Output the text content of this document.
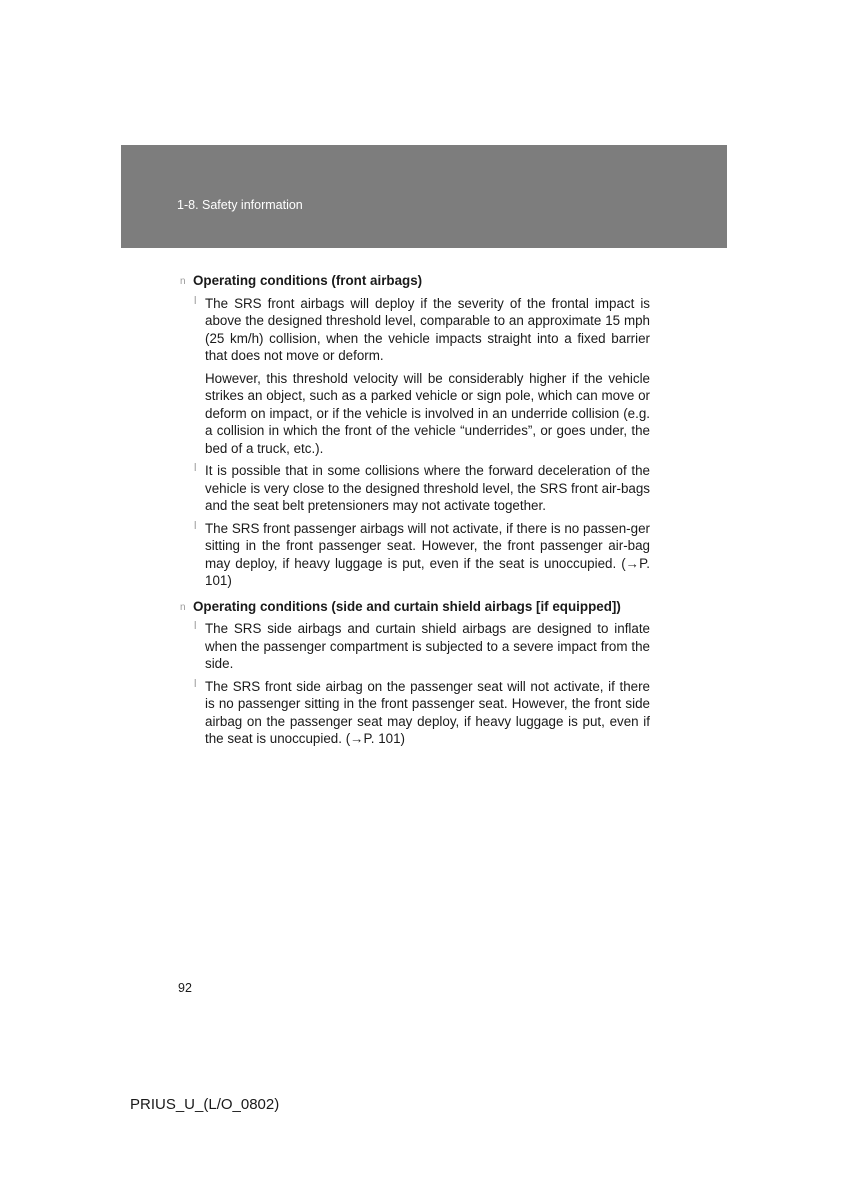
1-8. Safety information
n Operating conditions (front airbags)
l The SRS front airbags will deploy if the severity of the frontal impact is above the designed threshold level, comparable to an approximate 15 mph (25 km/h) collision, when the vehicle impacts straight into a fixed barrier that does not move or deform.

However, this threshold velocity will be considerably higher if the vehicle strikes an object, such as a parked vehicle or sign pole, which can move or deform on impact, or if the vehicle is involved in an underride collision (e.g. a collision in which the front of the vehicle “underrides”, or goes under, the bed of a truck, etc.).

l It is possible that in some collisions where the forward deceleration of the vehicle is very close to the designed threshold level, the SRS front air-bags and the seat belt pretensioners may not activate together.

l The SRS front passenger airbags will not activate, if there is no passen-ger sitting in the front passenger seat. However, the front passenger air-bag may deploy, if heavy luggage is put, even if the seat is unoccupied. (→P. 101)

n Operating conditions (side and curtain shield airbags [if equipped])
l The SRS side airbags and curtain shield airbags are designed to inflate when the passenger compartment is subjected to a severe impact from the side.

l The SRS front side airbag on the passenger seat will not activate, if there is no passenger sitting in the front passenger seat. However, the front side airbag on the passenger seat may deploy, if heavy luggage is put, even if the seat is unoccupied. (→P. 101)

92
PRIUS_U_(L/O_0802)
